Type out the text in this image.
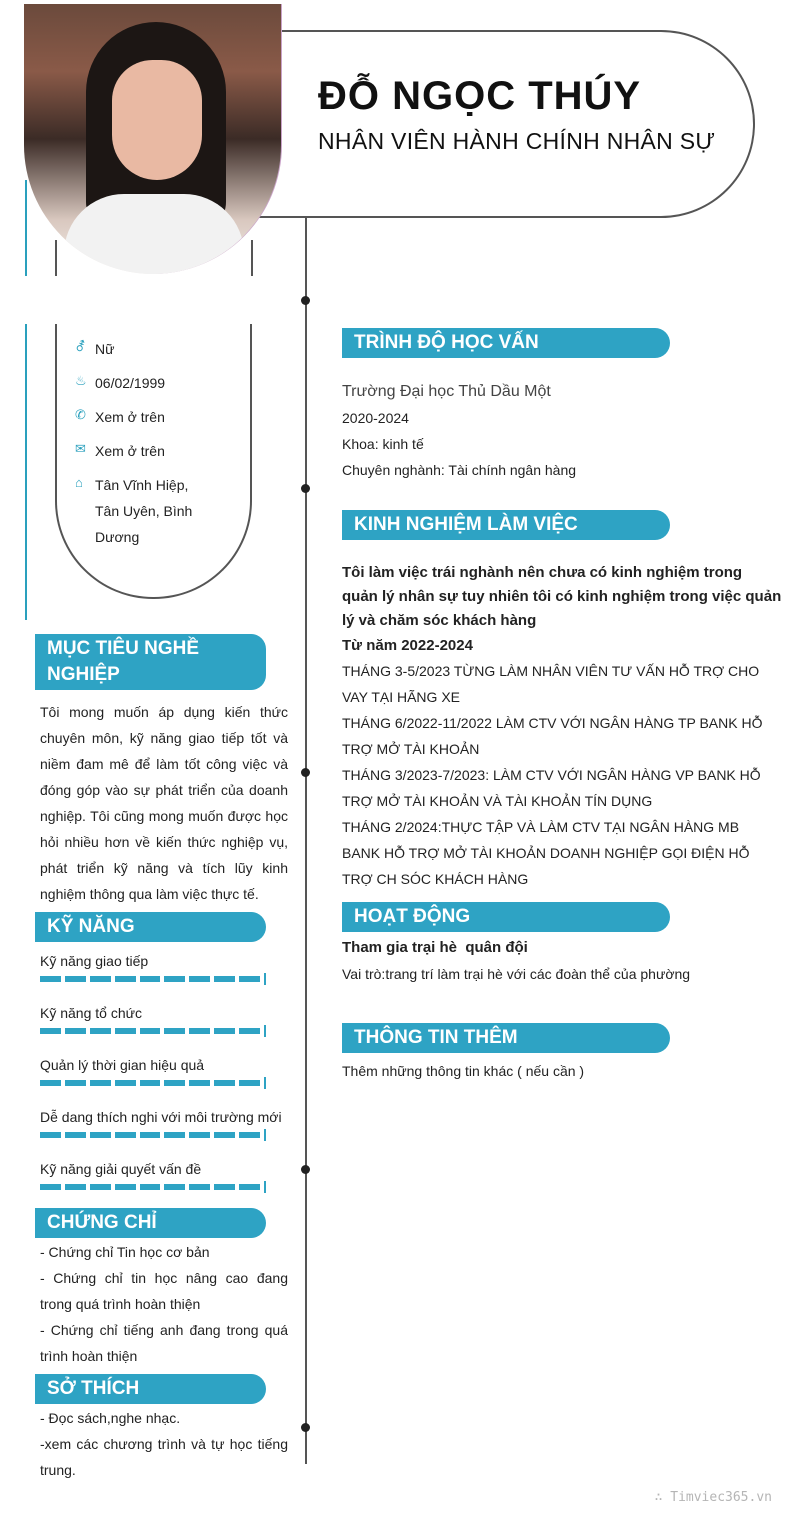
ĐỖ NGỌC THÚY
NHÂN VIÊN HÀNH CHÍNH NHÂN SỰ
⚦ Nữ
♨ 06/02/1999
✆ Xem ở trên
✉ Xem ở trên
⌂ Tân Vĩnh Hiệp,
Tân Uyên, Bình
Dương
MỤC TIÊU NGHỀ
NGHIỆP
Tôi mong muốn áp dụng kiến thức chuyên môn, kỹ năng giao tiếp tốt và niềm đam mê để làm tốt công việc và đóng góp vào sự phát triển của doanh nghiệp. Tôi cũng mong muốn được học hỏi nhiều hơn về kiến thức nghiệp vụ, phát triển kỹ năng và tích lũy kinh nghiệm thông qua làm việc thực tế.
KỸ NĂNG
Kỹ năng giao tiếp
Kỹ năng tổ chức
Quản lý thời gian hiệu quả
Dễ dang thích nghi với môi trường mới
Kỹ năng giải quyết vấn đề
CHỨNG CHỈ
- Chứng chỉ Tin học cơ bản
- Chứng chỉ tin học nâng cao đang trong quá trình hoàn thiện
- Chứng chỉ tiếng anh đang trong quá trình hoàn thiện
SỞ THÍCH
- Đọc sách,nghe nhạc.
-xem các chương trình và tự học tiếng trung.
TRÌNH ĐỘ HỌC VẤN
Trường Đại học Thủ Dầu Một
2020-2024
Khoa: kinh tế
Chuyên nghành: Tài chính ngân hàng
KINH NGHIỆM LÀM VIỆC
Tôi làm việc trái nghành nên chưa có kinh nghiệm trong quản lý nhân sự tuy nhiên tôi có kinh nghiệm trong việc quản lý và chăm sóc khách hàng
Từ năm 2022-2024
THÁNG 3-5/2023 TỪNG LÀM NHÂN VIÊN TƯ VẤN HỖ TRỢ CHO VAY TẠI HÃNG XE
THÁNG 6/2022-11/2022 LÀM CTV VỚI NGÂN HÀNG TP BANK HỖ TRỢ MỞ TÀI KHOẢN
THÁNG 3/2023-7/2023: LÀM CTV VỚI NGÂN HÀNG VP BANK HỖ TRỢ MỞ TÀI KHOẢN VÀ TÀI KHOẢN TÍN DỤNG
THÁNG 2/2024:THỰC TẬP VÀ LÀM CTV TẠI NGÂN HÀNG MB BANK HỖ TRỢ MỞ TÀI KHOẢN DOANH NGHIỆP GỌI ĐIỆN HỖ TRỢ CH SÓC KHÁCH HÀNG
HOẠT ĐỘNG
Tham gia trại hè  quân đội
Vai trò:trang trí làm trại hè với các đoàn thể của phường
THÔNG TIN THÊM
Thêm những thông tin khác ( nếu cần )
∴ Timviec365.vn
